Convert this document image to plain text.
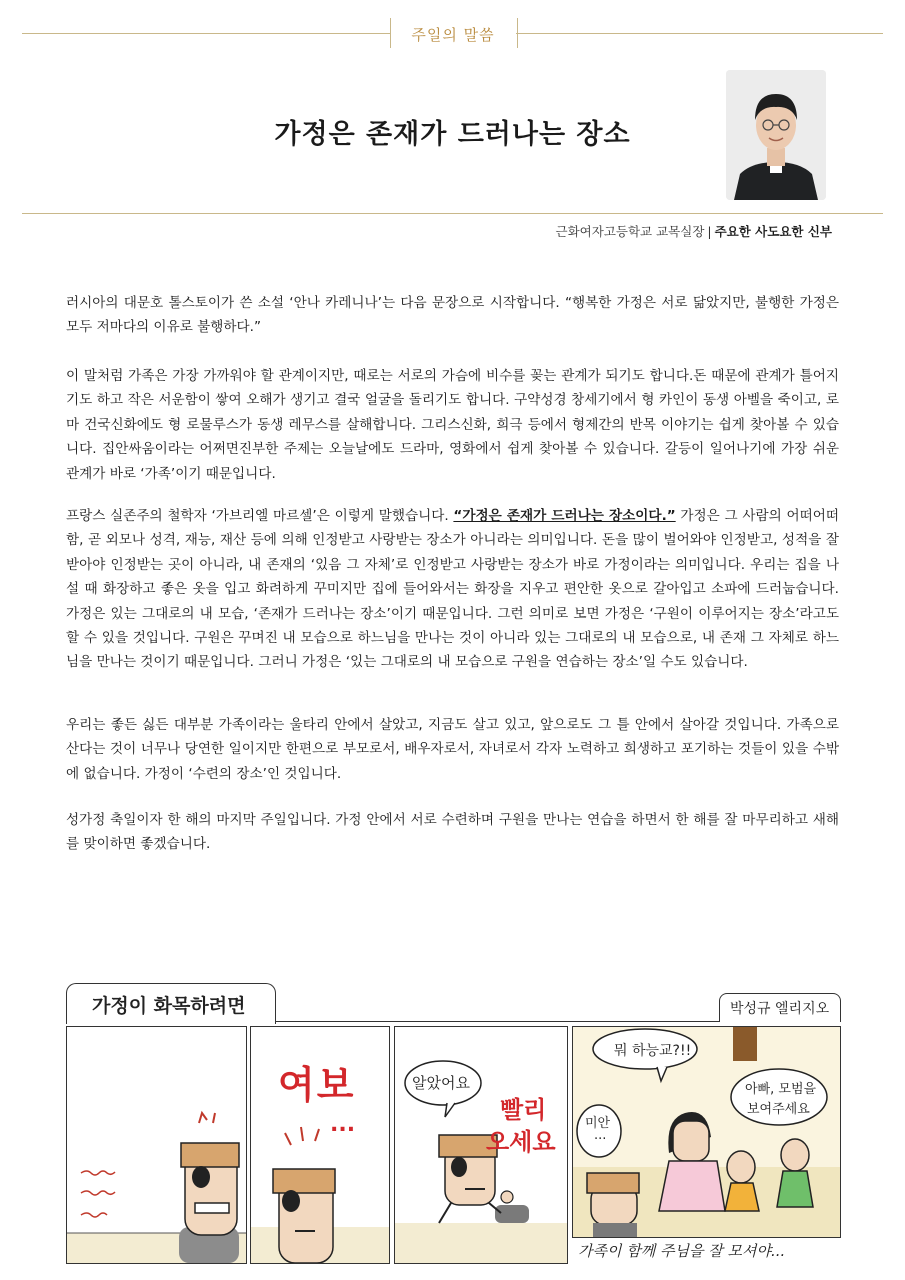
주일의 말씀
가정은 존재가 드러나는 장소
근화여자고등학교 교목실장 | 주요한 사도요한 신부
러시아의 대문호 톨스토이가 쓴 소설 ‘안나 카레니나’는 다음 문장으로 시작합니다. “행복한 가정은 서로 닮았지만, 불행한 가정은 모두 저마다의 이유로 불행하다.”
이 말처럼 가족은 가장 가까워야 할 관계이지만, 때로는 서로의 가슴에 비수를 꽂는 관계가 되기도 합니다.돈 때문에 관계가 틀어지기도 하고 작은 서운함이 쌓여 오해가 생기고 결국 얼굴을 돌리기도 합니다. 구약성경 창세기에서 형 카인이 동생 아벨을 죽이고, 로마 건국신화에도 형 로물루스가 동생 레무스를 살해합니다. 그리스신화, 희극 등에서 형제간의 반목 이야기는 쉽게 찾아볼 수 있습니다. 집안싸움이라는 어쩌면진부한 주제는 오늘날에도 드라마, 영화에서 쉽게 찾아볼 수 있습니다. 갈등이 일어나기에 가장 쉬운 관계가 바로 ‘가족’이기 때문입니다.
프랑스 실존주의 철학자 ‘가브리엘 마르셀’은 이렇게 말했습니다. “가정은 존재가 드러나는 장소이다.” 가정은 그 사람의 어떠어떠함, 곧 외모나 성격, 재능, 재산 등에 의해 인정받고 사랑받는 장소가 아니라는 의미입니다. 돈을 많이 벌어와야 인정받고, 성적을 잘 받아야 인정받는 곳이 아니라, 내 존재의 ‘있음 그 자체’로 인정받고 사랑받는 장소가 바로 가정이라는 의미입니다. 우리는 집을 나설 때 화장하고 좋은 옷을 입고 화려하게 꾸미지만 집에 들어와서는 화장을 지우고 편안한 옷으로 갈아입고 소파에 드러눕습니다. 가정은 있는 그대로의 내 모습, ‘존재가 드러나는 장소’이기 때문입니다. 그런 의미로 보면 가정은 ‘구원이 이루어지는 장소’라고도 할 수 있을 것입니다. 구원은 꾸며진 내 모습으로 하느님을 만나는 것이 아니라 있는 그대로의 내 모습으로, 내 존재 그 자체로 하느님을 만나는 것이기 때문입니다. 그러니 가정은 ‘있는 그대로의 내 모습으로 구원을 연습하는 장소’일 수도 있습니다.
우리는 좋든 싫든 대부분 가족이라는 울타리 안에서 살았고, 지금도 살고 있고, 앞으로도 그 틀 안에서 살아갈 것입니다. 가족으로 산다는 것이 너무나 당연한 일이지만 한편으로 부모로서, 배우자로서, 자녀로서 각자 노력하고 희생하고 포기하는 것들이 있을 수밖에 없습니다. 가정이 ‘수련의 장소’인 것입니다.
성가정 축일이자 한 해의 마지막 주일입니다. 가정 안에서 서로 수련하며 구원을 만나는 연습을 하면서 한 해를 잘 마무리하고 새해를 맞이하면 좋겠습니다.
가정이 화목하려면	박성규 엘리지오
여보
...
알았어요
빨리
오세요
뭐 하능교?!!
아빠, 모범을
보여주세요
미안
...
가족이 함께 주님을 잘 모셔야...
